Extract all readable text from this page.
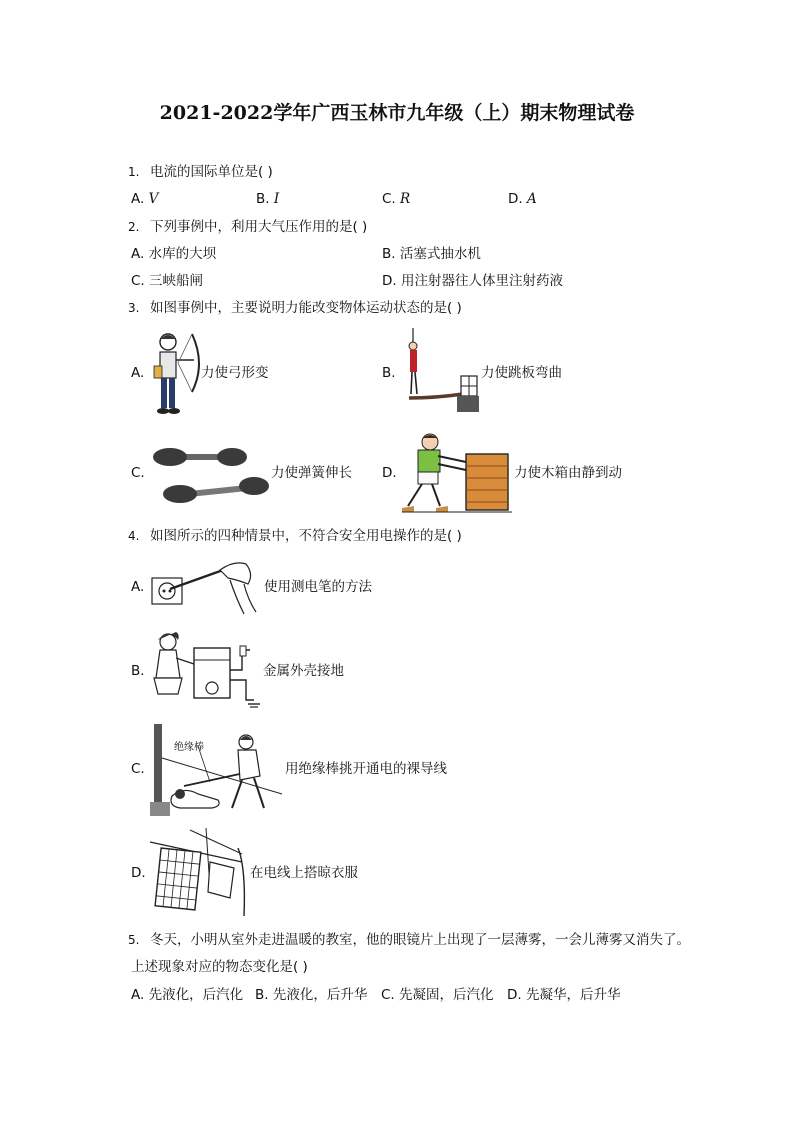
2021-2022学年广西玉林市九年级（上）期末物理试卷
1. 电流的国际单位是( )
A. V	B. I	C. R	D. A
2. 下列事例中，利用大气压作用的是( )
A. 水库的大坝	B. 活塞式抽水机
C. 三峡船闸	D. 用注射器往人体里注射药液
3. 如图事例中，主要说明力能改变物体运动状态的是( )
A.	力使弓形变	B.	力使跳板弯曲
C.	力使弹簧伸长 D.	力使木箱由静到动
4. 如图所示的四种情景中，不符合安全用电操作的是( )
A.	使用测电笔的方法
B.	金属外壳接地
C.
绝缘棒
用绝缘棒挑开通电的裸导线
D.	在电线上搭晾衣服
5. 冬天，小明从室外走进温暖的教室，他的眼镜片上出现了一层薄雾，一会儿薄雾又消失了。
上述现象对应的物态变化是( )
A. 先液化，后汽化 B. 先液化，后升华 C. 先凝固，后汽化 D. 先凝华，后升华
